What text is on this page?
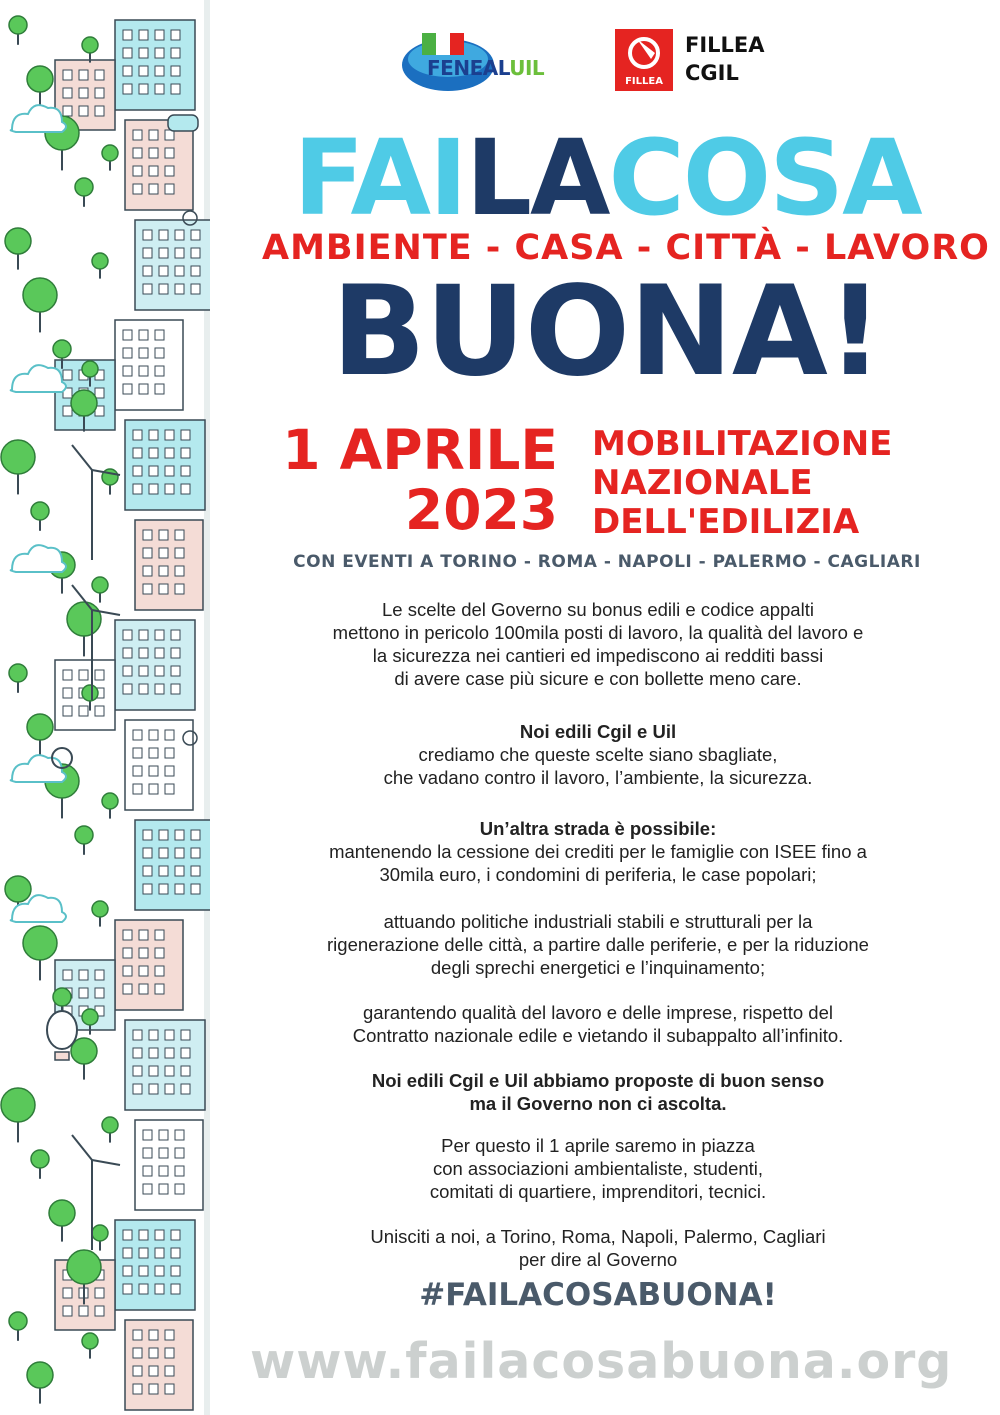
FENEALUIL
FILLEA
FILLEA
CGIL
FAILACOSA
AMBIENTE - CASA - CITTÀ - LAVORO
BUONA!
1 APRILE
2023
MOBILITAZIONE
NAZIONALE
DELL'EDILIZIA
CON EVENTI A TORINO - ROMA - NAPOLI - PALERMO - CAGLIARI
Le scelte del Governo su bonus edili e codice appalti
mettono in pericolo 100mila posti di lavoro, la qualità del lavoro e
la sicurezza nei cantieri ed impediscono ai redditi bassi
di avere case più sicure e con bollette meno care.
Noi edili Cgil e Uil
crediamo che queste scelte siano sbagliate,
che vadano contro il lavoro, l’ambiente, la sicurezza.
Un’altra strada è possibile:
mantenendo la cessione dei crediti per le famiglie con ISEE fino a
30mila euro, i condomini di periferia, le case popolari;
attuando politiche industriali stabili e strutturali per la
rigenerazione delle città, a partire dalle periferie, e per la riduzione
degli sprechi energetici e l’inquinamento;
garantendo qualità del lavoro e delle imprese, rispetto del
Contratto nazionale edile e vietando il subappalto all’infinito.
Noi edili Cgil e Uil abbiamo proposte di buon senso
ma il Governo non ci ascolta.
Per questo il 1 aprile saremo in piazza
con associazioni ambientaliste, studenti,
comitati di quartiere, imprenditori, tecnici.
Unisciti a noi, a Torino, Roma, Napoli, Palermo, Cagliari
per dire al Governo
#FAILACOSABUONA!
www.failacosabuona.org
